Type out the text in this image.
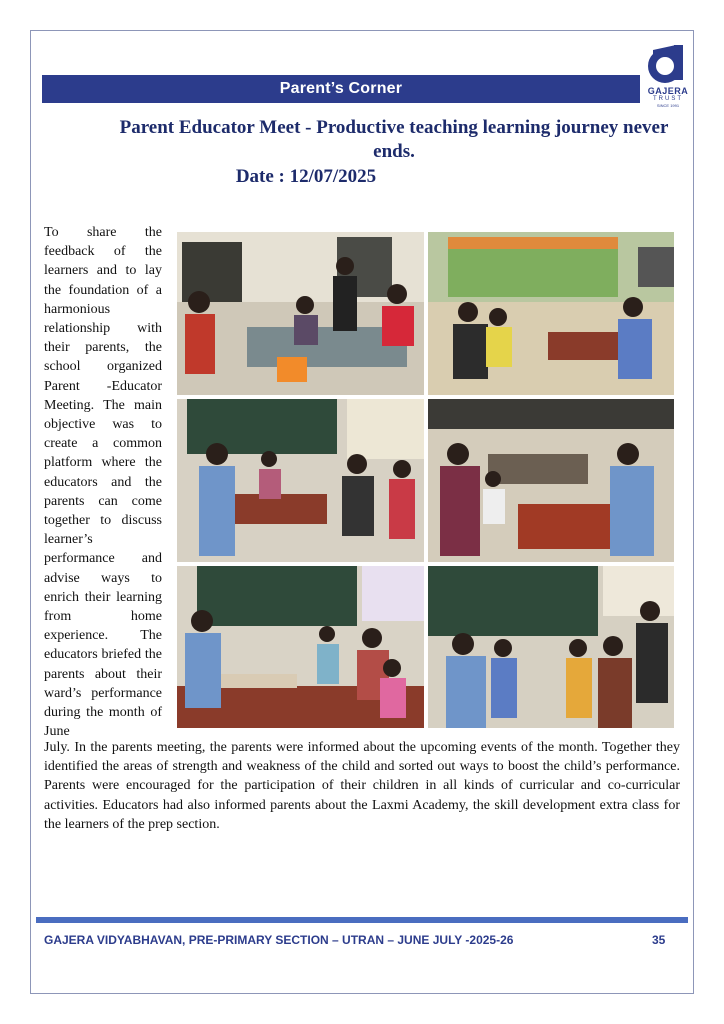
Parent’s Corner	GAJERA
TRUST
SINCE 1991
Parent Educator Meet - Productive teaching learning journey never ends.
Date : 12/07/2025
To share the feedback of the learners and to lay the foundation of a harmonious relationship with their parents, the school organized Parent -Educator Meeting. The main objective was to create a common platform where the educators and the parents can come together to discuss learner’s performance and advise ways to enrich their learning from home experience. The educators briefed the parents about their ward’s performance during the month of June
July. In the parents meeting, the parents were informed about the upcoming events of the month. Together they identified the areas of strength and weakness of the child and sorted out ways to boost the child’s performance. Parents were encouraged for the participation of their children in all kinds of curricular and co-curricular activities. Educators had also informed parents about the Laxmi Academy, the skill development extra class for the learners of the prep section.
GAJERA VIDYABHAVAN, PRE-PRIMARY SECTION – UTRAN – JUNE JULY -2025-26	35
